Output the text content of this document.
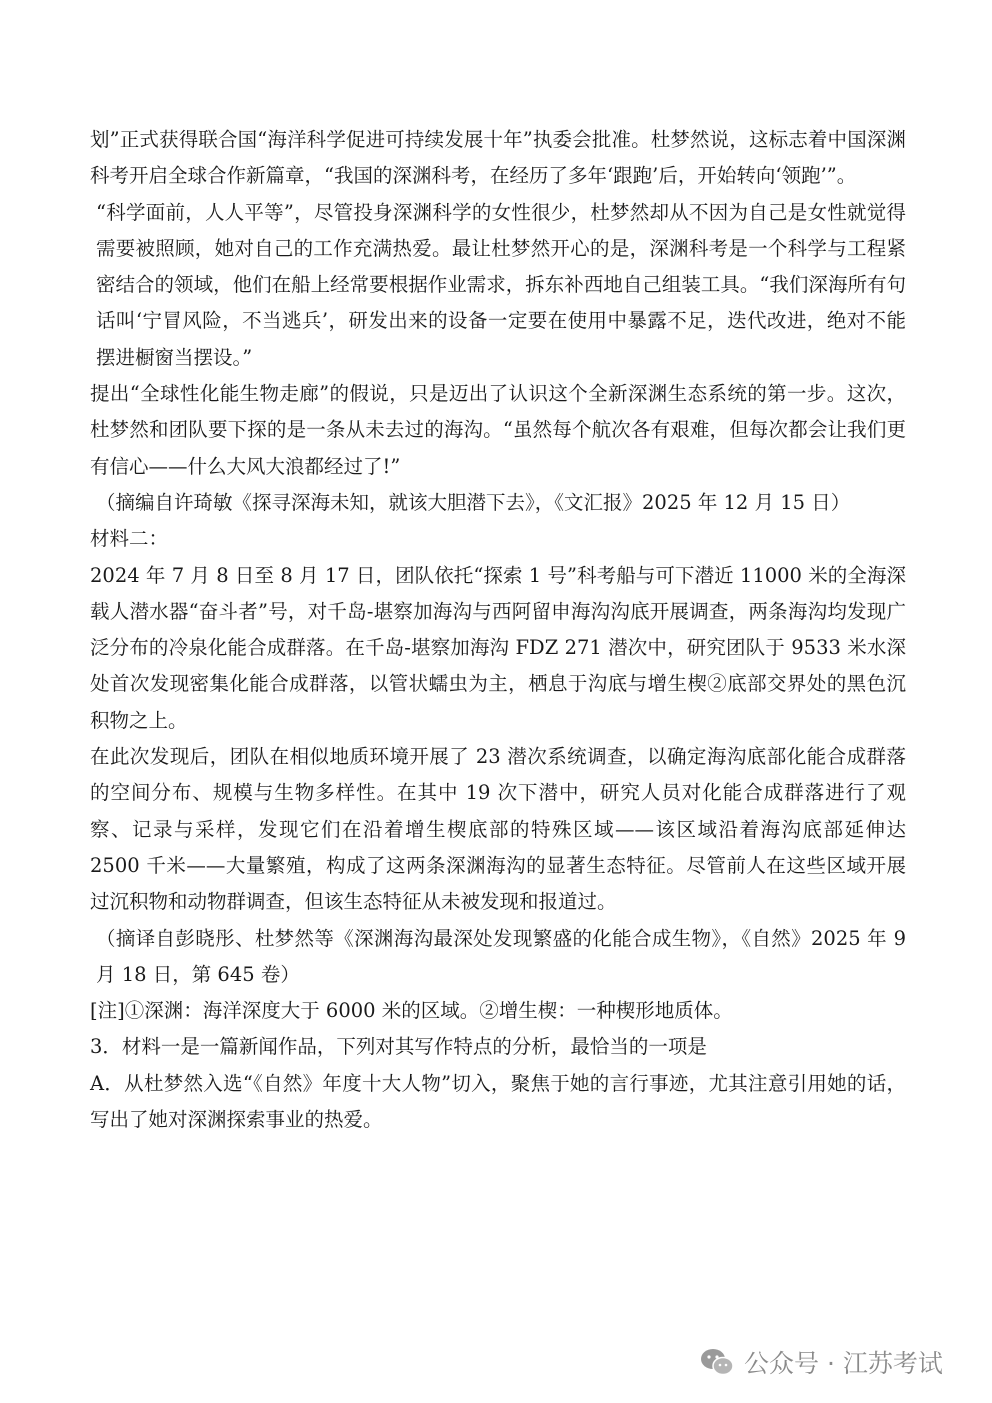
划”正式获得联合国“海洋科学促进可持续发展十年”执委会批准。杜梦然说，这标志着中国深渊科考开启全球合作新篇章，“我国的深渊科考，在经历了多年‘跟跑’后，开始转向‘领跑’”。

“科学面前，人人平等”，尽管投身深渊科学的女性很少，杜梦然却从不因为自己是女性就觉得需要被照顾，她对自己的工作充满热爱。最让杜梦然开心的是，深渊科考是一个科学与工程紧密结合的领域，他们在船上经常要根据作业需求，拆东补西地自己组装工具。“我们深海所有句话叫‘宁冒风险，不当逃兵’，研发出来的设备一定要在使用中暴露不足，迭代改进，绝对不能摆进橱窗当摆设。”

提出“全球性化能生物走廊”的假说，只是迈出了认识这个全新深渊生态系统的第一步。这次，杜梦然和团队要下探的是一条从未去过的海沟。“虽然每个航次各有艰难，但每次都会让我们更有信心——什么大风大浪都经过了!”

（摘编自许琦敏《探寻深海未知，就该大胆潜下去》，《文汇报》2025 年 12 月 15 日）

材料二：

2024 年 7 月 8 日至 8 月 17 日，团队依托“探索 1 号”科考船与可下潜近 11000 米的全海深载人潜水器“奋斗者”号，对千岛-堪察加海沟与西阿留申海沟沟底开展调查，两条海沟均发现广泛分布的冷泉化能合成群落。在千岛-堪察加海沟 FDZ 271 潜次中，研究团队于 9533 米水深处首次发现密集化能合成群落，以管状蠕虫为主，栖息于沟底与增生楔②底部交界处的黑色沉积物之上。

在此次发现后，团队在相似地质环境开展了 23 潜次系统调查，以确定海沟底部化能合成群落的空间分布、规模与生物多样性。在其中 19 次下潜中，研究人员对化能合成群落进行了观察、记录与采样，发现它们在沿着增生楔底部的特殊区域——该区域沿着海沟底部延伸达 2500 千米——大量繁殖，构成了这两条深渊海沟的显著生态特征。尽管前人在这些区域开展过沉积物和动物群调查，但该生态特征从未被发现和报道过。

（摘译自彭晓彤、杜梦然等《深渊海沟最深处发现繁盛的化能合成生物》，《自然》2025 年 9 月 18 日，第 645 卷）

[注]①深渊：海洋深度大于 6000 米的区域。②增生楔：一种楔形地质体。

3．材料一是一篇新闻作品，下列对其写作特点的分析，最恰当的一项是

A．从杜梦然入选“《自然》年度十大人物”切入，聚焦于她的言行事迹，尤其注意引用她的话，写出了她对深渊探索事业的热爱。

公众号 · 江苏考试
